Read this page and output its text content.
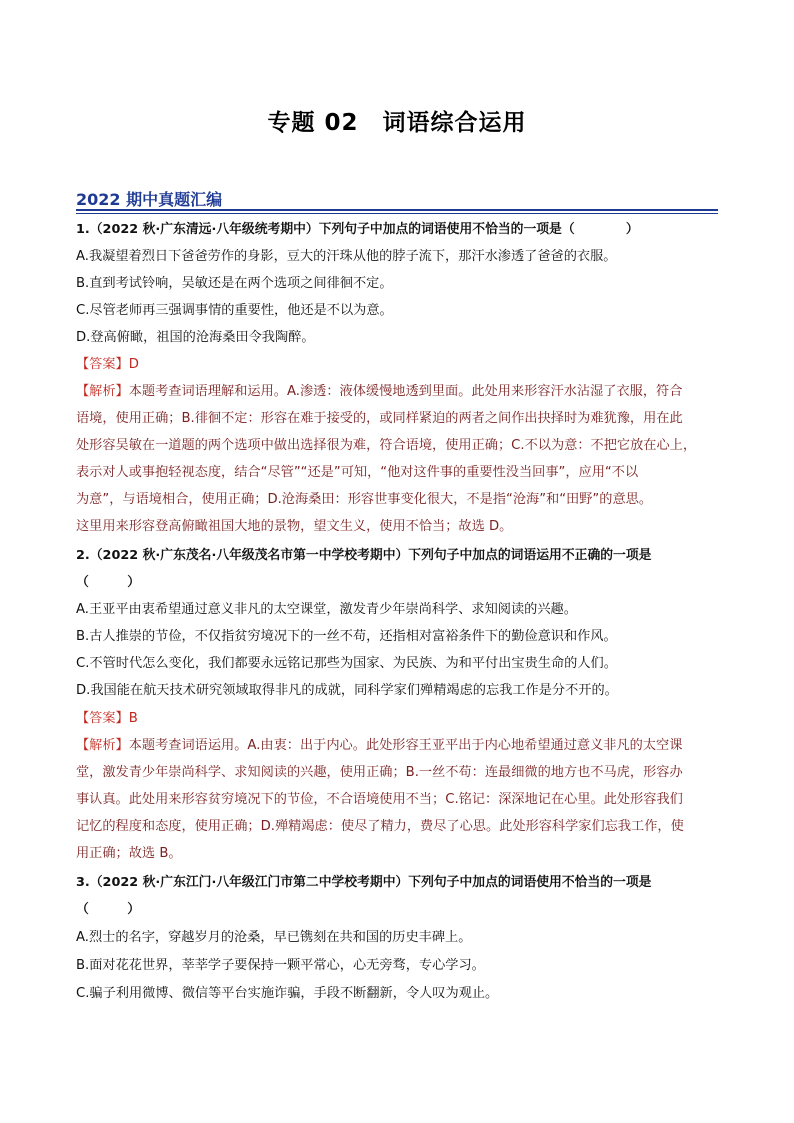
专题 02　词语综合运用
2022 期中真题汇编
1.（2022 秋·广东清远·八年级统考期中）下列句子中加点的词语使用不恰当的一项是（　　　　）
A.我凝望着烈日下爸爸劳作的身影，豆大的汗珠从他的脖子流下，那汗水渗透了爸爸的衣服。
B.直到考试铃响，吴敏还是在两个选项之间徘徊不定。
C.尽管老师再三强调事情的重要性，他还是不以为意。
D.登高俯瞰，祖国的沧海桑田令我陶醉。
【答案】D
【解析】本题考查词语理解和运用。A.渗透：液体缓慢地透到里面。此处用来形容汗水沾湿了衣服，符合
语境，使用正确；B.徘徊不定：形容在难于接受的，或同样紧迫的两者之间作出抉择时为难犹豫，用在此
处形容吴敏在一道题的两个选项中做出选择很为难，符合语境，使用正确；C.不以为意：不把它放在心上，
表示对人或事抱轻视态度，结合“尽管”“还是”可知，“他对这件事的重要性没当回事”，应用“不以
为意”，与语境相合，使用正确；D.沧海桑田：形容世事变化很大，不是指“沧海”和“田野”的意思。
这里用来形容登高俯瞰祖国大地的景物，望文生义，使用不恰当；故选 D。
2.（2022 秋·广东茂名·八年级茂名市第一中学校考期中）下列句子中加点的词语运用不正确的一项是
（　　　）
A.王亚平由衷希望通过意义非凡的太空课堂，激发青少年崇尚科学、求知阅读的兴趣。
B.古人推崇的节俭，不仅指贫穷境况下的一丝不苟，还指相对富裕条件下的勤俭意识和作风。
C.不管时代怎么变化，我们都要永远铭记那些为国家、为民族、为和平付出宝贵生命的人们。
D.我国能在航天技术研究领域取得非凡的成就，同科学家们殚精竭虑的忘我工作是分不开的。
【答案】B
【解析】本题考查词语运用。A.由衷：出于内心。此处形容王亚平出于内心地希望通过意义非凡的太空课
堂，激发青少年崇尚科学、求知阅读的兴趣，使用正确；B.一丝不苟：连最细微的地方也不马虎，形容办
事认真。此处用来形容贫穷境况下的节俭，不合语境使用不当；C.铭记：深深地记在心里。此处形容我们
记忆的程度和态度，使用正确；D.殚精竭虑：使尽了精力，费尽了心思。此处形容科学家们忘我工作，使
用正确；故选 B。
3.（2022 秋·广东江门·八年级江门市第二中学校考期中）下列句子中加点的词语使用不恰当的一项是
（　　　）
A.烈士的名字，穿越岁月的沧桑，早已镌刻在共和国的历史丰碑上。
B.面对花花世界，莘莘学子要保持一颗平常心，心无旁骛，专心学习。
C.骗子利用微博、微信等平台实施诈骗，手段不断翻新，令人叹为观止。
